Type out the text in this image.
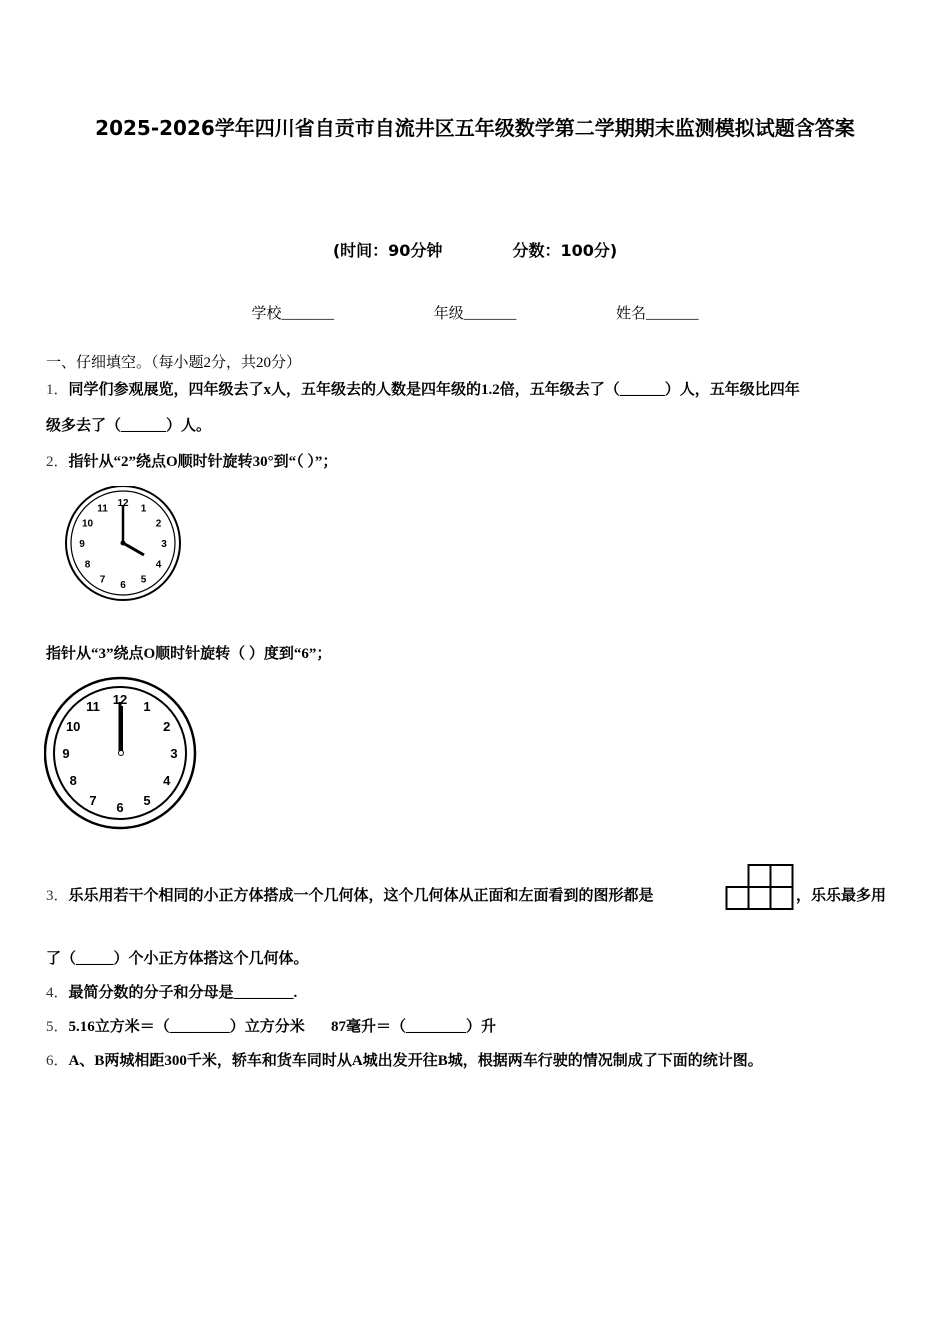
2025-2026学年四川省自贡市自流井区五年级数学第二学期期末监测模拟试题含答案
(时间：90分钟	分数：100分)
学校_______	年级_______	姓名_______
一、仔细填空。（每小题2分，共20分）
1．同学们参观展览，四年级去了x人，五年级去的人数是四年级的1.2倍，五年级去了（______）人，五年级比四年
级多去了（______）人。
2．指针从“2”绕点O顺时针旋转30°到“（ ）”；
12 1
2
3
4
5
6
7
8
9
10
11
指针从“3”绕点O顺时针旋转（ ）度到“6”；
12 1
2
3
4
5
6
7
8
9
10
11
3．乐乐用若干个相同的小正方体搭成一个几何体，这个几何体从正面和左面看到的图形都是	，乐乐最多用
了（_____）个小正方体搭这个几何体。
4．最简分数的分子和分母是________.
5．5.16立方米＝（________）立方分米       87毫升＝（________）升
6．A、B两城相距300千米，轿车和货车同时从A城出发开往B城，根据两车行驶的情况制成了下面的统计图。
